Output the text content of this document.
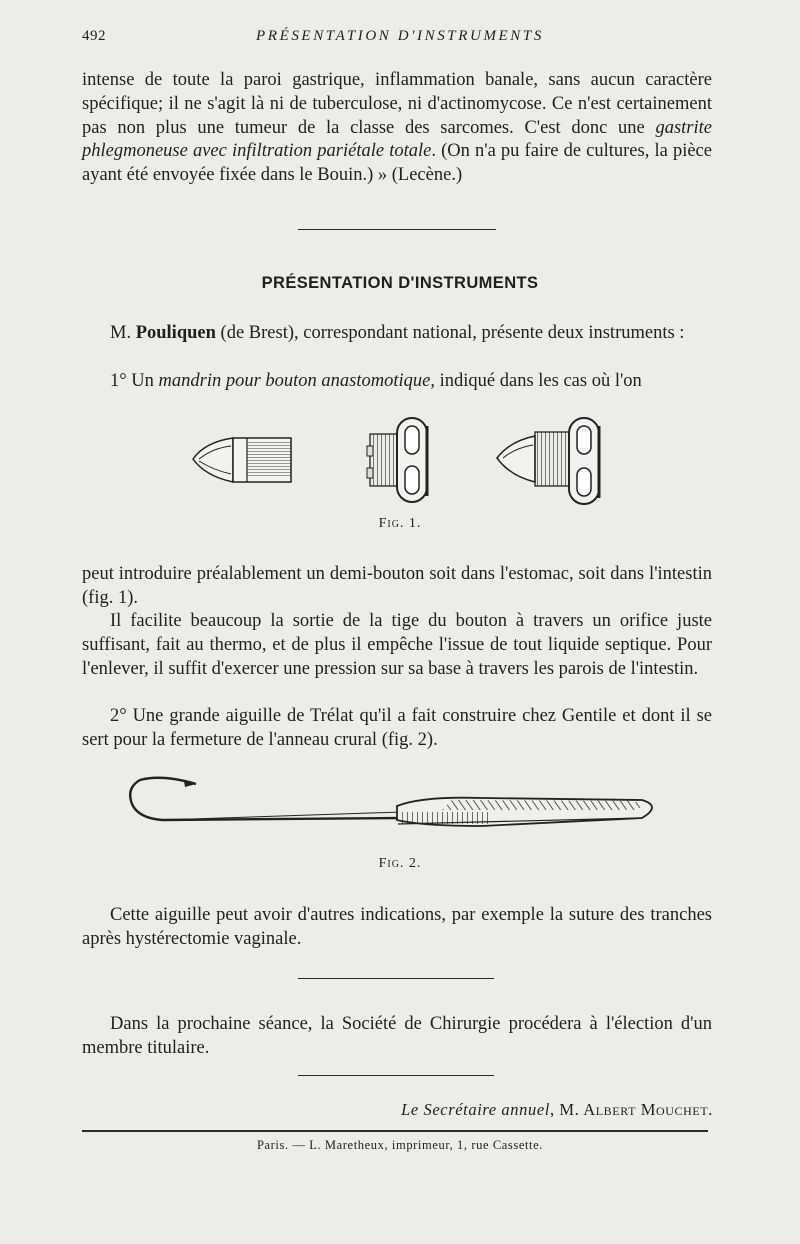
492	PRÉSENTATION D'INSTRUMENTS

intense de toute la paroi gastrique, inflammation banale, sans aucun caractère spécifique; il ne s'agit là ni de tuberculose, ni d'actinomycose. Ce n'est certainement pas non plus une tumeur de la classe des sarcomes. C'est donc une gastrite phlegmoneuse avec infiltration pariétale totale. (On n'a pu faire de cultures, la pièce ayant été envoyée fixée dans le Bouin.) » (Lecène.)

PRÉSENTATION D'INSTRUMENTS

M. Pouliquen (de Brest), correspondant national, présente deux instruments :

1° Un mandrin pour bouton anastomotique, indiqué dans les cas où l'on

Fig. 1.

peut introduire préalablement un demi-bouton soit dans l'estomac, soit dans l'intestin (fig. 1).

Il facilite beaucoup la sortie de la tige du bouton à travers un orifice juste suffisant, fait au thermo, et de plus il empêche l'issue de tout liquide septique. Pour l'enlever, il suffit d'exercer une pression sur sa base à travers les parois de l'intestin.

2° Une grande aiguille de Trélat qu'il a fait construire chez Gentile et dont il se sert pour la fermeture de l'anneau crural (fig. 2).

Fig. 2.

Cette aiguille peut avoir d'autres indications, par exemple la suture des tranches après hystérectomie vaginale.

Dans la prochaine séance, la Société de Chirurgie procédera à l'élection d'un membre titulaire.

Le Secrétaire annuel, M. Albert Mouchet.
Paris. — L. Maretheux, imprimeur, 1, rue Cassette.
